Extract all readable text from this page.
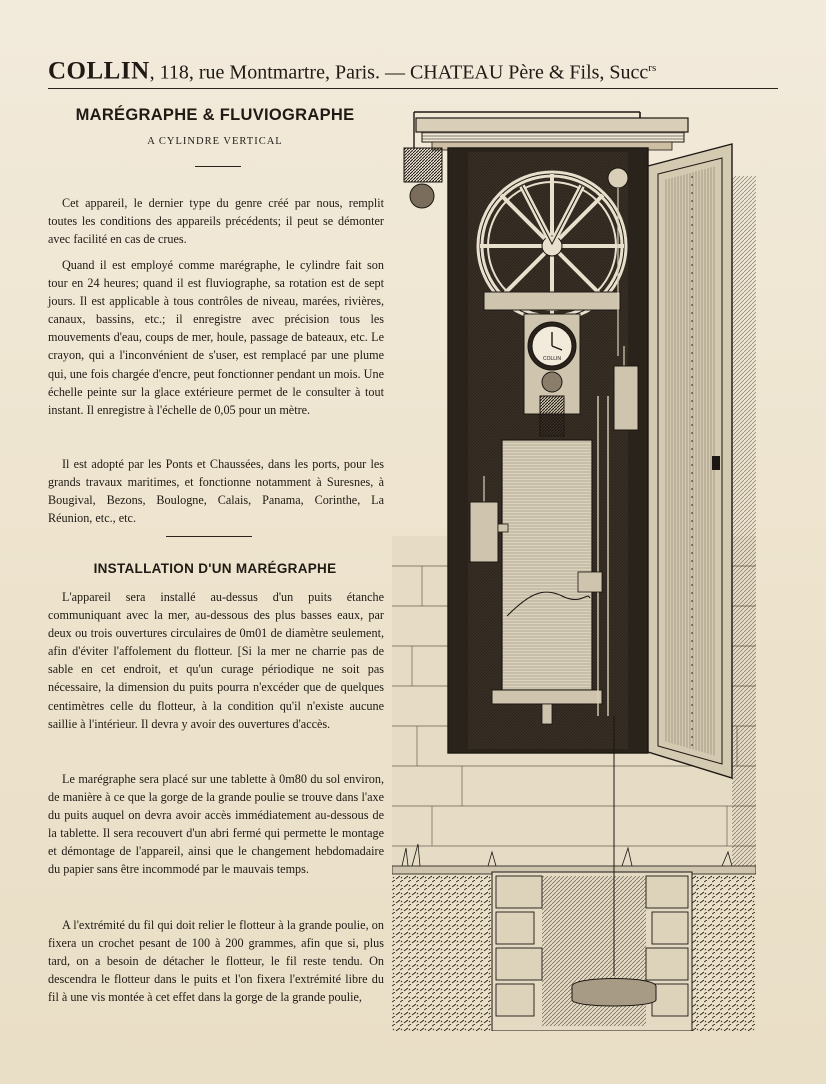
COLLIN, 118, rue Montmartre, Paris. — CHATEAU Père & Fils, Succ$^{rs}$
MARÉGRAPHE & FLUVIOGRAPHE
A CYLINDRE VERTICAL
Cet appareil, le dernier type du genre créé par nous, remplit toutes les conditions des appareils précédents; il peut se démonter avec facilité en cas de crues.
Quand il est employé comme marégraphe, le cylindre fait son tour en 24 heures; quand il est fluviographe, sa rotation est de sept jours. Il est applicable à tous contrôles de niveau, marées, rivières, canaux, bassins, etc.; il enregistre avec précision tous les mouvements d'eau, coups de mer, houle, passage de bateaux, etc. Le crayon, qui a l'inconvénient de s'user, est remplacé par une plume qui, une fois chargée d'encre, peut fonctionner pendant un mois. Une échelle peinte sur la glace extérieure permet de le consulter à tout instant. Il enregistre à l'échelle de 0,05 pour un mètre.
Il est adopté par les Ponts et Chaussées, dans les ports, pour les grands travaux maritimes, et fonctionne notamment à Suresnes, à Bougival, Bezons, Boulogne, Calais, Panama, Corinthe, La Réunion, etc., etc.
INSTALLATION D'UN MARÉGRAPHE
L'appareil sera installé au-dessus d'un puits étanche communiquant avec la mer, au-dessous des plus basses eaux, par deux ou trois ouvertures circulaires de 0m01 de diamètre seulement, afin d'éviter l'affolement du flotteur. [Si la mer ne charrie pas de sable en cet endroit, et qu'un curage périodique ne soit pas nécessaire, la dimension du puits pourra n'excéder que de quelques centimètres celle du flotteur, à la condition qu'il n'existe aucune saillie à l'intérieur. Il devra y avoir des ouvertures d'accès.
Le marégraphe sera placé sur une tablette à 0m80 du sol environ, de manière à ce que la gorge de la grande poulie se trouve dans l'axe du puits auquel on devra avoir accès immédiatement au-dessous de la tablette. Il sera recouvert d'un abri fermé qui permette le montage et démontage de l'appareil, ainsi que le changement hebdomadaire du papier sans être incommodé par le mauvais temps.
A l'extrémité du fil qui doit relier le flotteur à la grande poulie, on fixera un crochet pesant de 100 à 200 grammes, afin que si, plus tard, on a besoin de détacher le flotteur, le fil reste tendu. On descendra le flotteur dans le puits et l'on fixera l'extrémité libre du fil à une vis montée à cet effet dans la gorge de la grande poulie,
COLLIN
